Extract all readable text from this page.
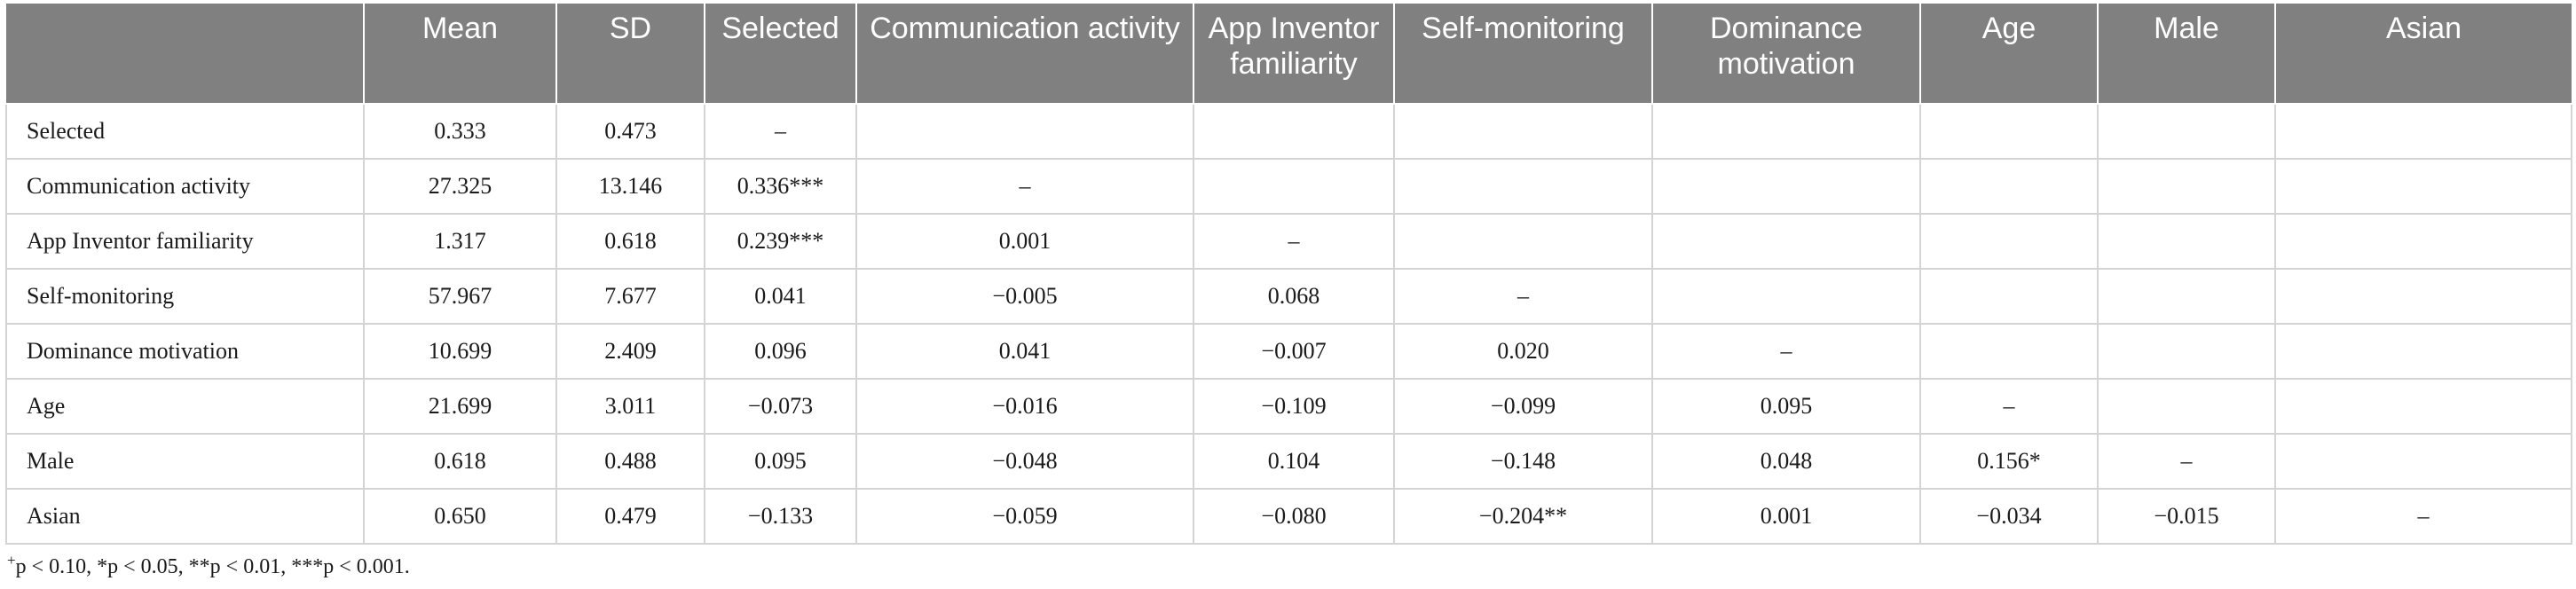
	Mean	SD	Selected	Communication activity	App Inventor familiarity	Self-monitoring	Dominance motivation	Age	Male	Asian
Selected	0.333	0.473	–							
Communication activity	27.325	13.146	0.336***	–						
App Inventor familiarity	1.317	0.618	0.239***	0.001	–					
Self-monitoring	57.967	7.677	0.041	−0.005	0.068	–				
Dominance motivation	10.699	2.409	0.096	0.041	−0.007	0.020	–			
Age	21.699	3.011	−0.073	−0.016	−0.109	−0.099	0.095	–		
Male	0.618	0.488	0.095	−0.048	0.104	−0.148	0.048	0.156*	–	
Asian	0.650	0.479	−0.133	−0.059	−0.080	−0.204**	0.001	−0.034	−0.015	–
+p < 0.10, *p < 0.05, **p < 0.01, ***p < 0.001.
